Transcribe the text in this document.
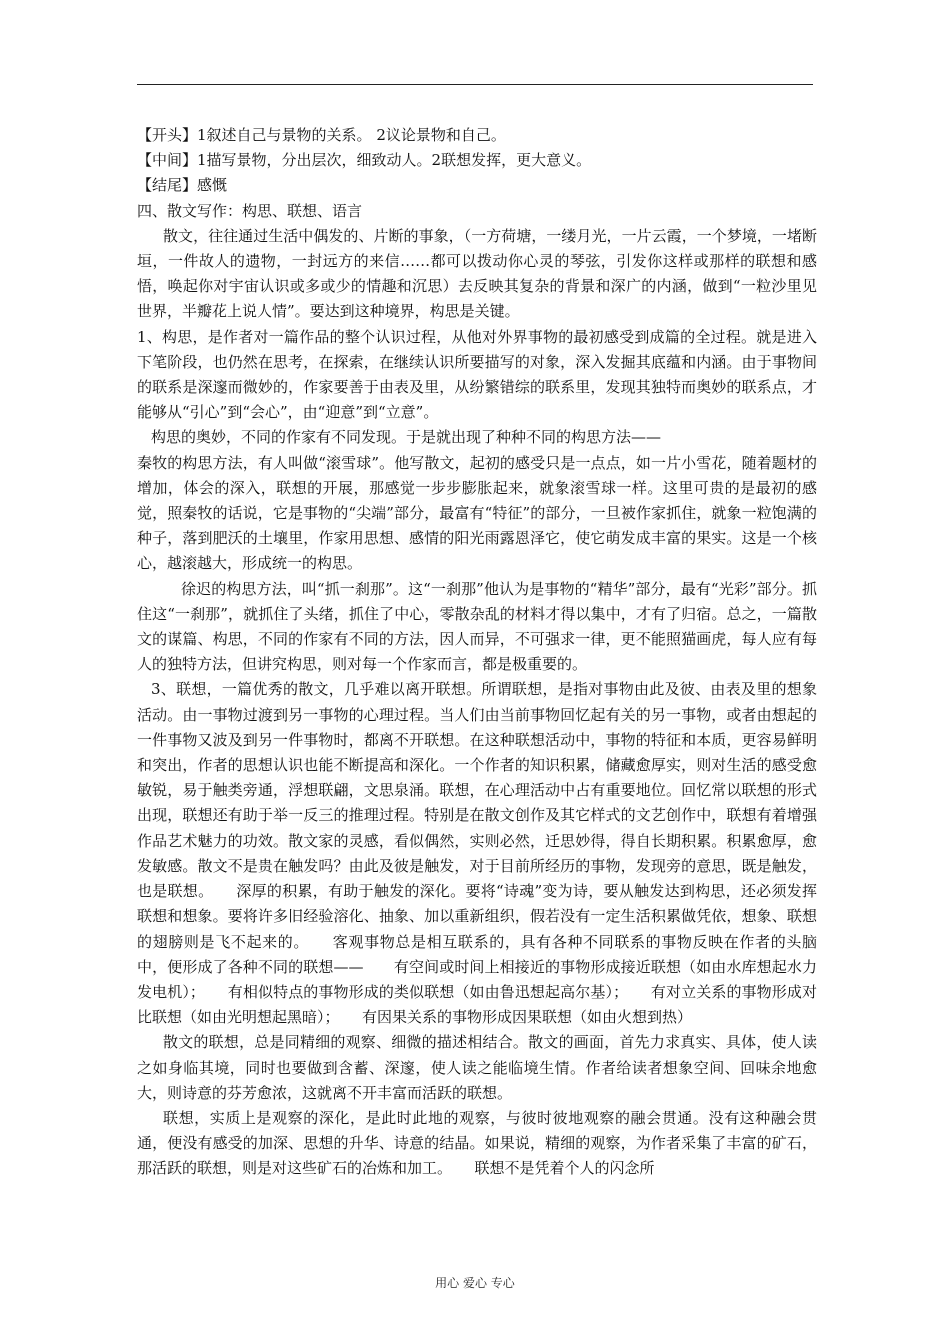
【开头】1叙述自己与景物的关系。 2议论景物和自己。

【中间】1描写景物，分出层次，细致动人。2联想发挥，更大意义。

【结尾】感慨

四、散文写作：构思、联想、语言

散文，往往通过生活中偶发的、片断的事象，（一方荷塘，一缕月光，一片云霞，一个梦境，一堵断垣，一件故人的遗物，一封远方的来信……都可以拨动你心灵的琴弦，引发你这样或那样的联想和感悟，唤起你对宇宙认识或多或少的情趣和沉思）去反映其复杂的背景和深广的内涵，做到“一粒沙里见世界，半瓣花上说人情”。要达到这种境界，构思是关键。

1、构思，是作者对一篇作品的整个认识过程，从他对外界事物的最初感受到成篇的全过程。就是进入下笔阶段，也仍然在思考，在探索，在继续认识所要描写的对象，深入发掘其底蕴和内涵。由于事物间的联系是深邃而微妙的，作家要善于由表及里，从纷繁错综的联系里，发现其独特而奥妙的联系点，才能够从“引心”到“会心”，由“迎意”到“立意”。

构思的奥妙，不同的作家有不同发现。于是就出现了种种不同的构思方法——

秦牧的构思方法，有人叫做“滚雪球”。他写散文，起初的感受只是一点点，如一片小雪花，随着题材的增加，体会的深入，联想的开展，那感觉一步步膨胀起来，就象滚雪球一样。这里可贵的是最初的感觉，照秦牧的话说，它是事物的“尖端”部分，最富有“特征”的部分，一旦被作家抓住，就象一粒饱满的种子，落到肥沃的土壤里，作家用思想、感情的阳光雨露恩泽它，使它萌发成丰富的果实。这是一个核心，越滚越大，形成统一的构思。

徐迟的构思方法，叫“抓一刹那”。这“一刹那”他认为是事物的“精华”部分，最有“光彩”部分。抓住这“一刹那”，就抓住了头绪，抓住了中心，零散杂乱的材料才得以集中，才有了归宿。总之，一篇散文的谋篇、构思，不同的作家有不同的方法，因人而异，不可强求一律，更不能照猫画虎，每人应有每人的独特方法，但讲究构思，则对每一个作家而言，都是极重要的。

3、联想，一篇优秀的散文，几乎难以离开联想。所谓联想，是指对事物由此及彼、由表及里的想象活动。由一事物过渡到另一事物的心理过程。当人们由当前事物回忆起有关的另一事物，或者由想起的一件事物又波及到另一件事物时，都离不开联想。在这种联想活动中，事物的特征和本质，更容易鲜明和突出，作者的思想认识也能不断提高和深化。一个作者的知识积累，储藏愈厚实，则对生活的感受愈敏锐，易于触类旁通，浮想联翩，文思泉涌。联想，在心理活动中占有重要地位。回忆常以联想的形式出现，联想还有助于举一反三的推理过程。特别是在散文创作及其它样式的文艺创作中，联想有着增强作品艺术魅力的功效。散文家的灵感，看似偶然，实则必然，迁思妙得，得自长期积累。积累愈厚，愈发敏感。散文不是贵在触发吗？由此及彼是触发，对于目前所经历的事物，发现旁的意思，既是触发，也是联想。　　深厚的积累，有助于触发的深化。要将“诗魂”变为诗，要从触发达到构思，还必须发挥联想和想象。要将许多旧经验溶化、抽象、加以重新组织，假若没有一定生活积累做凭依，想象、联想的翅膀则是飞不起来的。　　客观事物总是相互联系的，具有各种不同联系的事物反映在作者的头脑中，便形成了各种不同的联想——　　有空间或时间上相接近的事物形成接近联想（如由水库想起水力发电机）；　　有相似特点的事物形成的类似联想（如由鲁迅想起高尔基）；　　有对立关系的事物形成对比联想（如由光明想起黑暗）；　　有因果关系的事物形成因果联想（如由火想到热）

散文的联想，总是同精细的观察、细微的描述相结合。散文的画面，首先力求真实、具体，使人读之如身临其境，同时也要做到含蓄、深邃，使人读之能临境生情。作者给读者想象空间、回味余地愈大，则诗意的芬芳愈浓，这就离不开丰富而活跃的联想。

联想，实质上是观察的深化，是此时此地的观察，与彼时彼地观察的融会贯通。没有这种融会贯通，便没有感受的加深、思想的升华、诗意的结晶。如果说，精细的观察，为作者采集了丰富的矿石，那活跃的联想，则是对这些矿石的冶炼和加工。　　联想不是凭着个人的闪念所

用心 爱心 专心
